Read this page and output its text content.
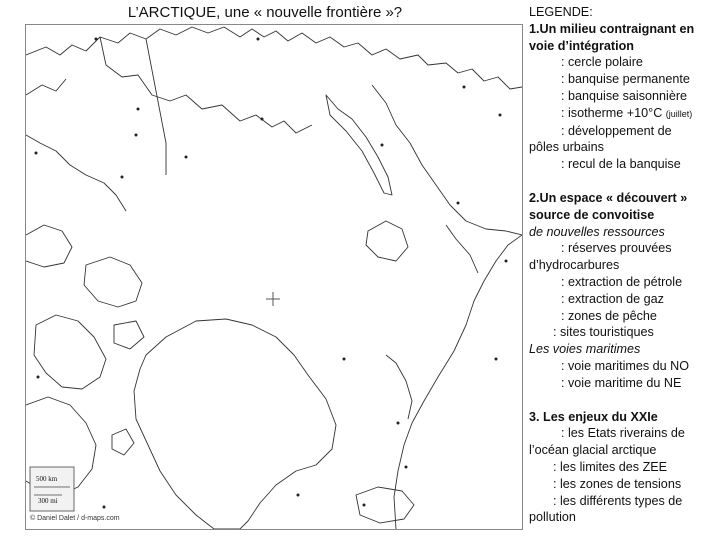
L’ARCTIQUE, une « nouvelle frontière »?
500 km
300 mi
© Daniel Dalet / d-maps.com
LEGENDE:
1.Un milieu contraignant en
voie d’intégration
: cercle polaire
: banquise permanente
: banquise saisonnière
: isotherme +10°C (juillet)
: développement de
pôles urbains
: recul de la banquise
2.Un espace « découvert »
source de convoitise
de nouvelles ressources
: réserves prouvées
d’hydrocarbures
: extraction de pétrole
: extraction de gaz
: zones de pêche
: sites touristiques
Les voies maritimes
: voie maritimes du NO
: voie maritime du NE
3. Les enjeux du XXIe
: les Etats riverains de
l’océan glacial arctique
: les limites des ZEE
: les zones de tensions
: les différents types de
pollution
